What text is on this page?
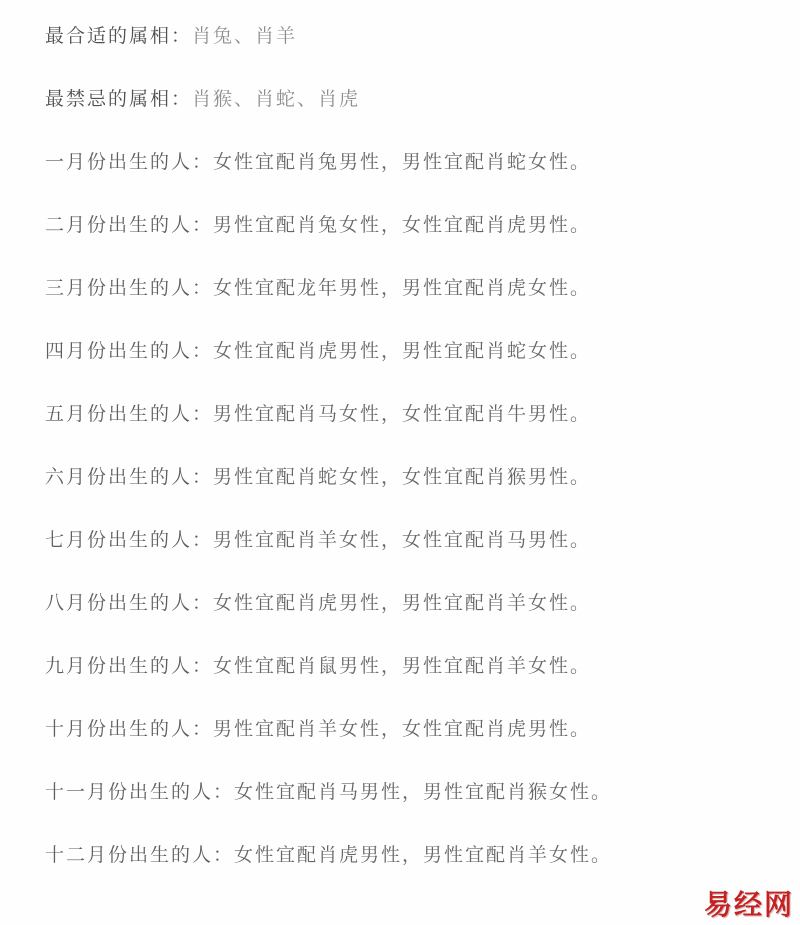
最合适的属相：肖兔、肖羊

最禁忌的属相：肖猴、肖蛇、肖虎

一月份出生的人：女性宜配肖兔男性，男性宜配肖蛇女性。

二月份出生的人：男性宜配肖兔女性，女性宜配肖虎男性。

三月份出生的人：女性宜配龙年男性，男性宜配肖虎女性。

四月份出生的人：女性宜配肖虎男性，男性宜配肖蛇女性。

五月份出生的人：男性宜配肖马女性，女性宜配肖牛男性。

六月份出生的人：男性宜配肖蛇女性，女性宜配肖猴男性。

七月份出生的人：男性宜配肖羊女性，女性宜配肖马男性。

八月份出生的人：女性宜配肖虎男性，男性宜配肖羊女性。

九月份出生的人：女性宜配肖鼠男性，男性宜配肖羊女性。

十月份出生的人：男性宜配肖羊女性，女性宜配肖虎男性。

十一月份出生的人：女性宜配肖马男性，男性宜配肖猴女性。

十二月份出生的人：女性宜配肖虎男性，男性宜配肖羊女性。

易经网
